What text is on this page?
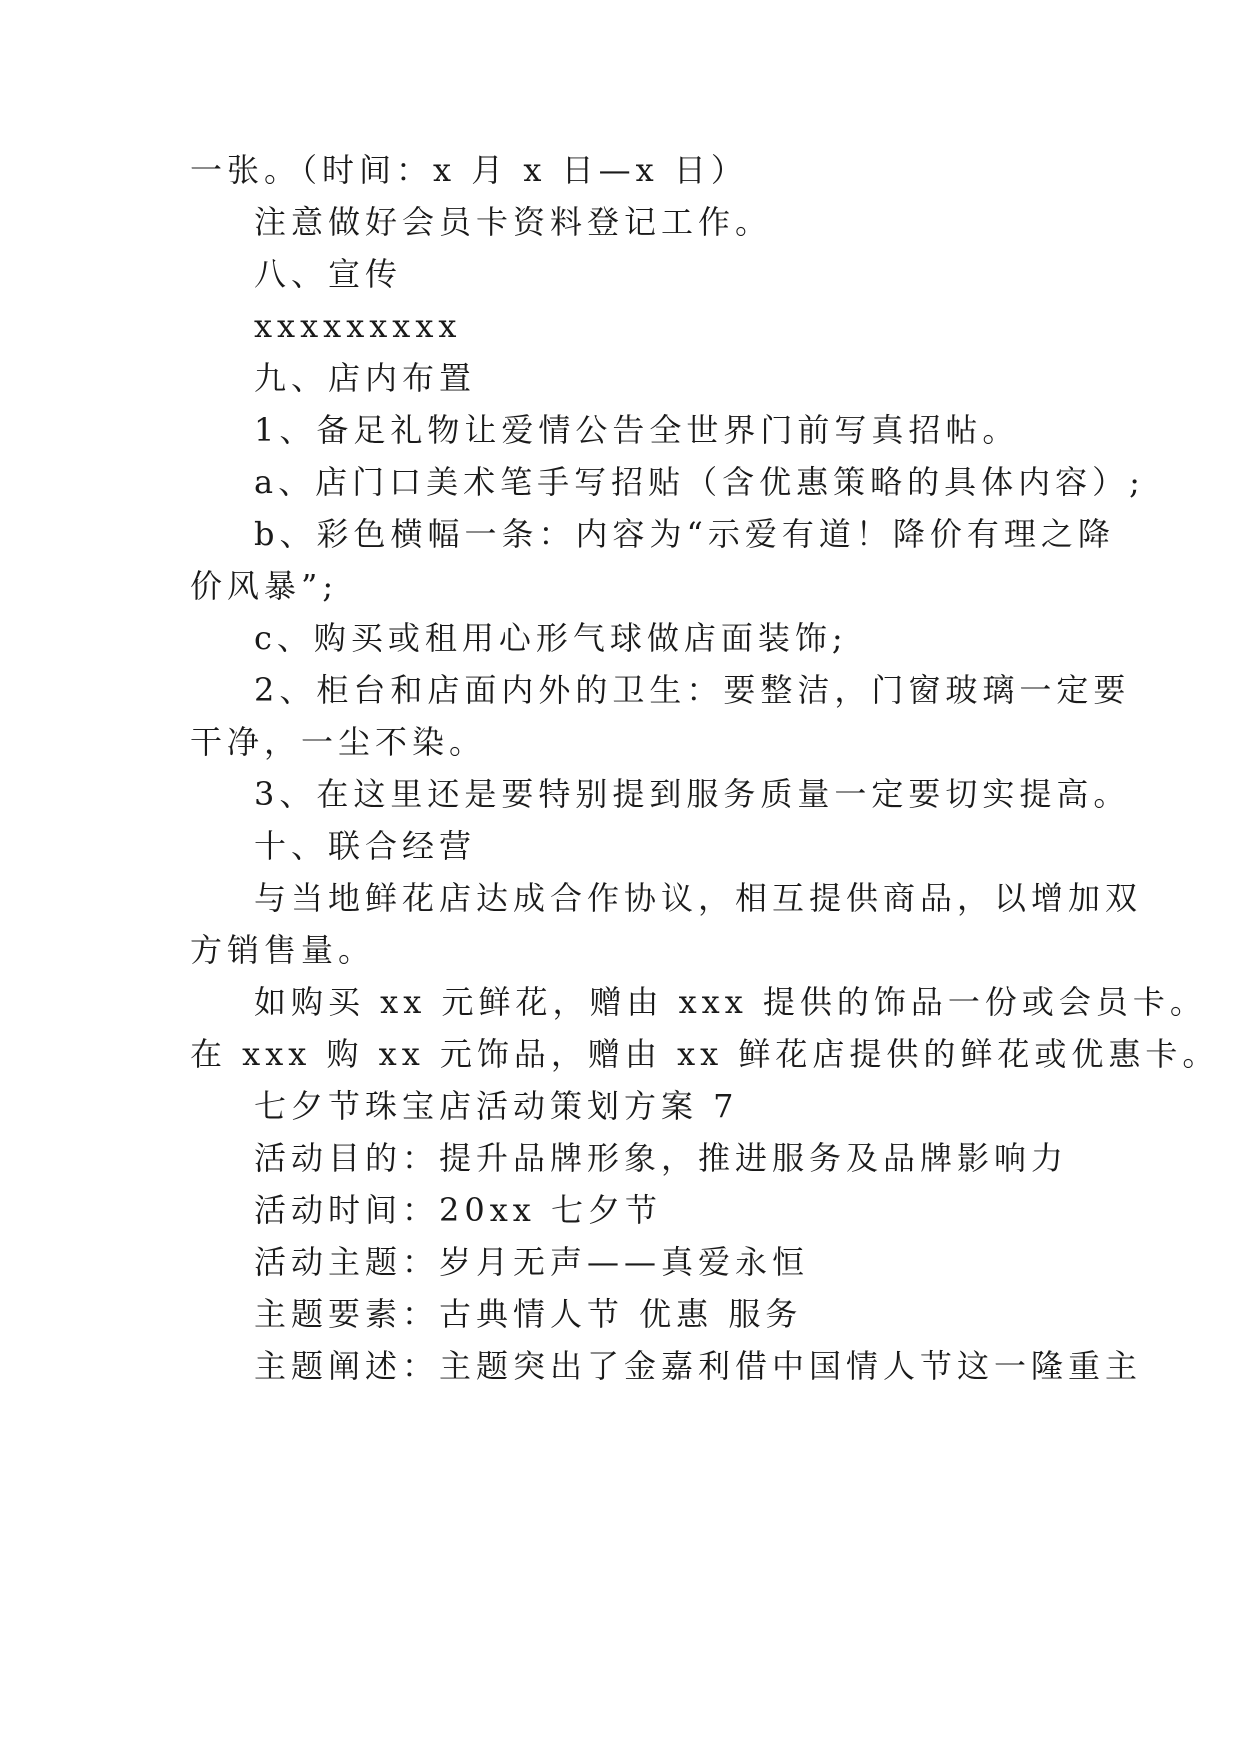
一张。（时间：x 月 x 日—x 日）
注意做好会员卡资料登记工作。
八、宣传
xxxxxxxxx
九、店内布置
1、备足礼物让爱情公告全世界门前写真招帖。
a、店门口美术笔手写招贴（含优惠策略的具体内容）;
b、彩色横幅一条：内容为“示爱有道！降价有理之降
价风暴”;
c、购买或租用心形气球做店面装饰;
2、柜台和店面内外的卫生：要整洁，门窗玻璃一定要
干净，一尘不染。
3、在这里还是要特别提到服务质量一定要切实提高。
十、联合经营
与当地鲜花店达成合作协议，相互提供商品，以增加双
方销售量。
如购买 xx 元鲜花，赠由 xxx 提供的饰品一份或会员卡。
在 xxx 购 xx 元饰品，赠由 xx 鲜花店提供的鲜花或优惠卡。
七夕节珠宝店活动策划方案 7
活动目的：提升品牌形象，推进服务及品牌影响力
活动时间：20xx 七夕节
活动主题：岁月无声——真爱永恒
主题要素：古典情人节 优惠 服务
主题阐述：主题突出了金嘉利借中国情人节这一隆重主
